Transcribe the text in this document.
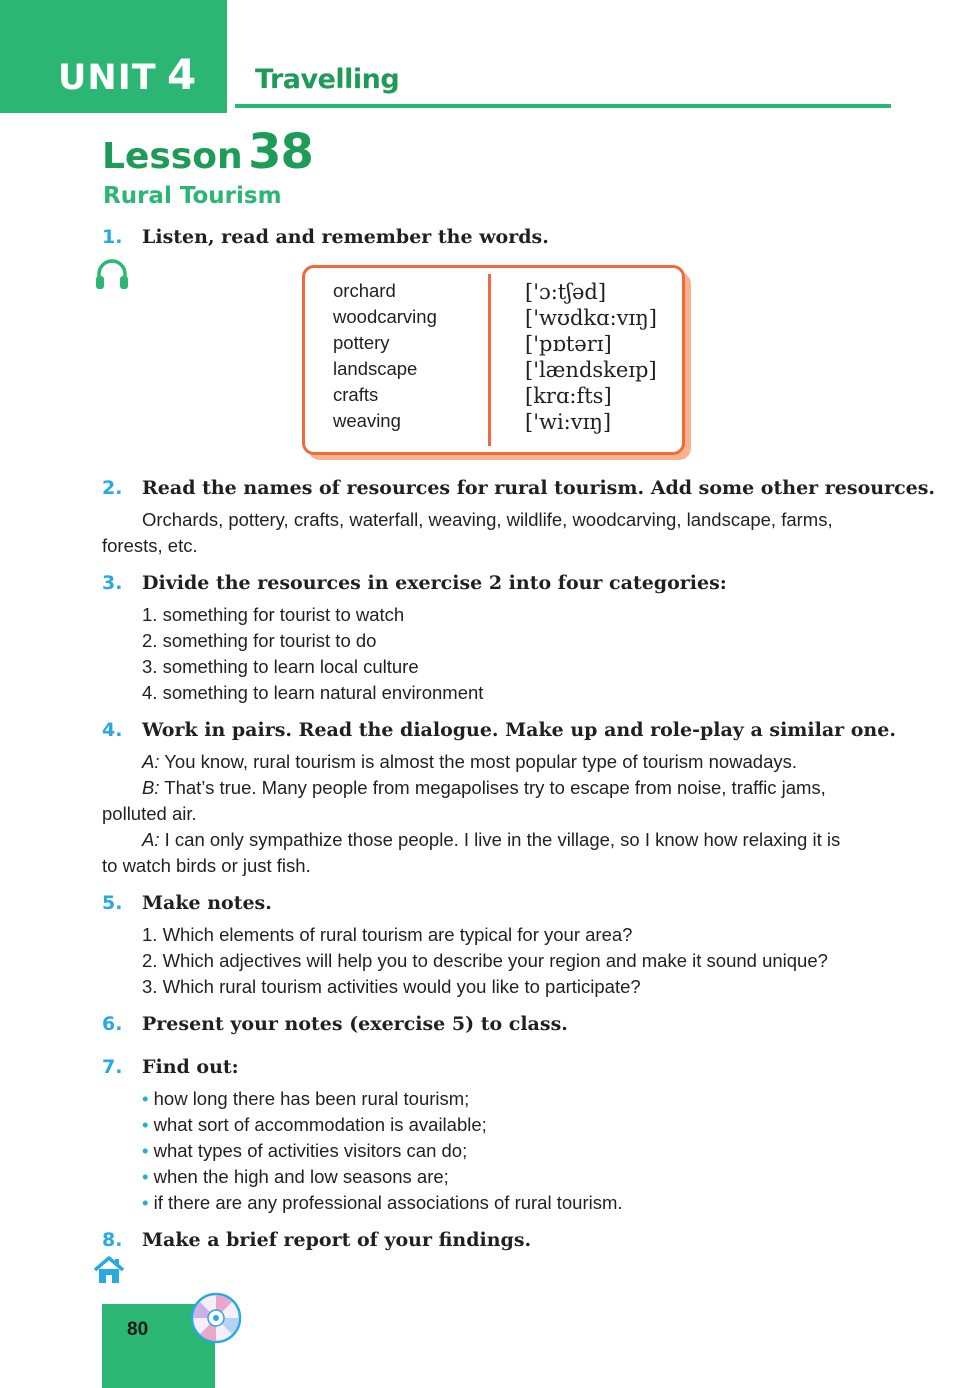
UNIT 4 Travelling
Lesson 38
Rural Tourism
1. Listen, read and remember the words.
orchard
woodcarving
pottery
landscape
crafts
weaving
['ɔ:tʃəd]
['wʊdkɑ:vɪŋ]
['pɒtərɪ]
['lændskeɪp]
[krɑ:fts]
['wi:vɪŋ]
2. Read the names of resources for rural tourism. Add some other resources.
Orchards, pottery, crafts, waterfall, weaving, wildlife, woodcarving, landscape, farms,
forests, etc.
3. Divide the resources in exercise 2 into four categories:
1. something for tourist to watch
2. something for tourist to do
3. something to learn local culture
4. something to learn natural environment
4. Work in pairs. Read the dialogue. Make up and role-play a similar one.
A: You know, rural tourism is almost the most popular type of tourism nowadays.
B: That’s true. Many people from megapolises try to escape from noise, traffic jams,
polluted air.
A: I can only sympathize those people. I live in the village, so I know how relaxing it is
to watch birds or just fish.
5. Make notes.
1. Which elements of rural tourism are typical for your area?
2. Which adjectives will help you to describe your region and make it sound unique?
3. Which rural tourism activities would you like to participate?
6. Present your notes (exercise 5) to class.
7. Find out:
• how long there has been rural tourism;
• what sort of accommodation is available;
• what types of activities visitors can do;
• when the high and low seasons are;
• if there are any professional associations of rural tourism.
8. Make a brief report of your findings.
80
